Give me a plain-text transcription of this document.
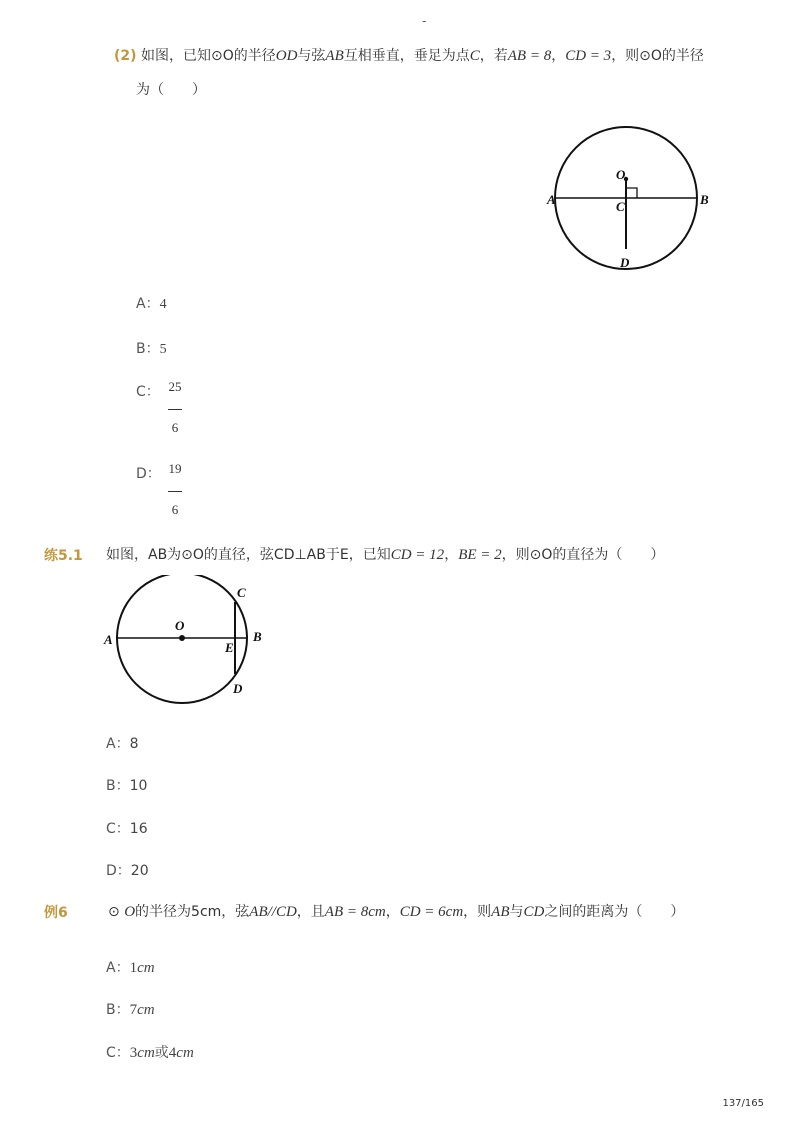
-
(2) 如图，已知⊙O的半径OD与弦AB互相垂直，垂足为点C，若AB = 8，CD = 3，则⊙O的半径
为（　　）
O
A	B
C
D
A：4
B：5
C： 25
6
D： 19
6
练5.1 如图，AB为⊙O的直径，弦CD⊥AB于E，已知CD = 12，BE = 2，则⊙O的直径为（　　）
O
A	B
C
E
D
A：8
B：10
C：16
D：20
例6	⊙ O的半径为5cm，弦AB//CD，且AB = 8cm，CD = 6cm，则AB与CD之间的距离为（　　）
A：1cm
B：7cm
C：3cm或4cm
137/165
